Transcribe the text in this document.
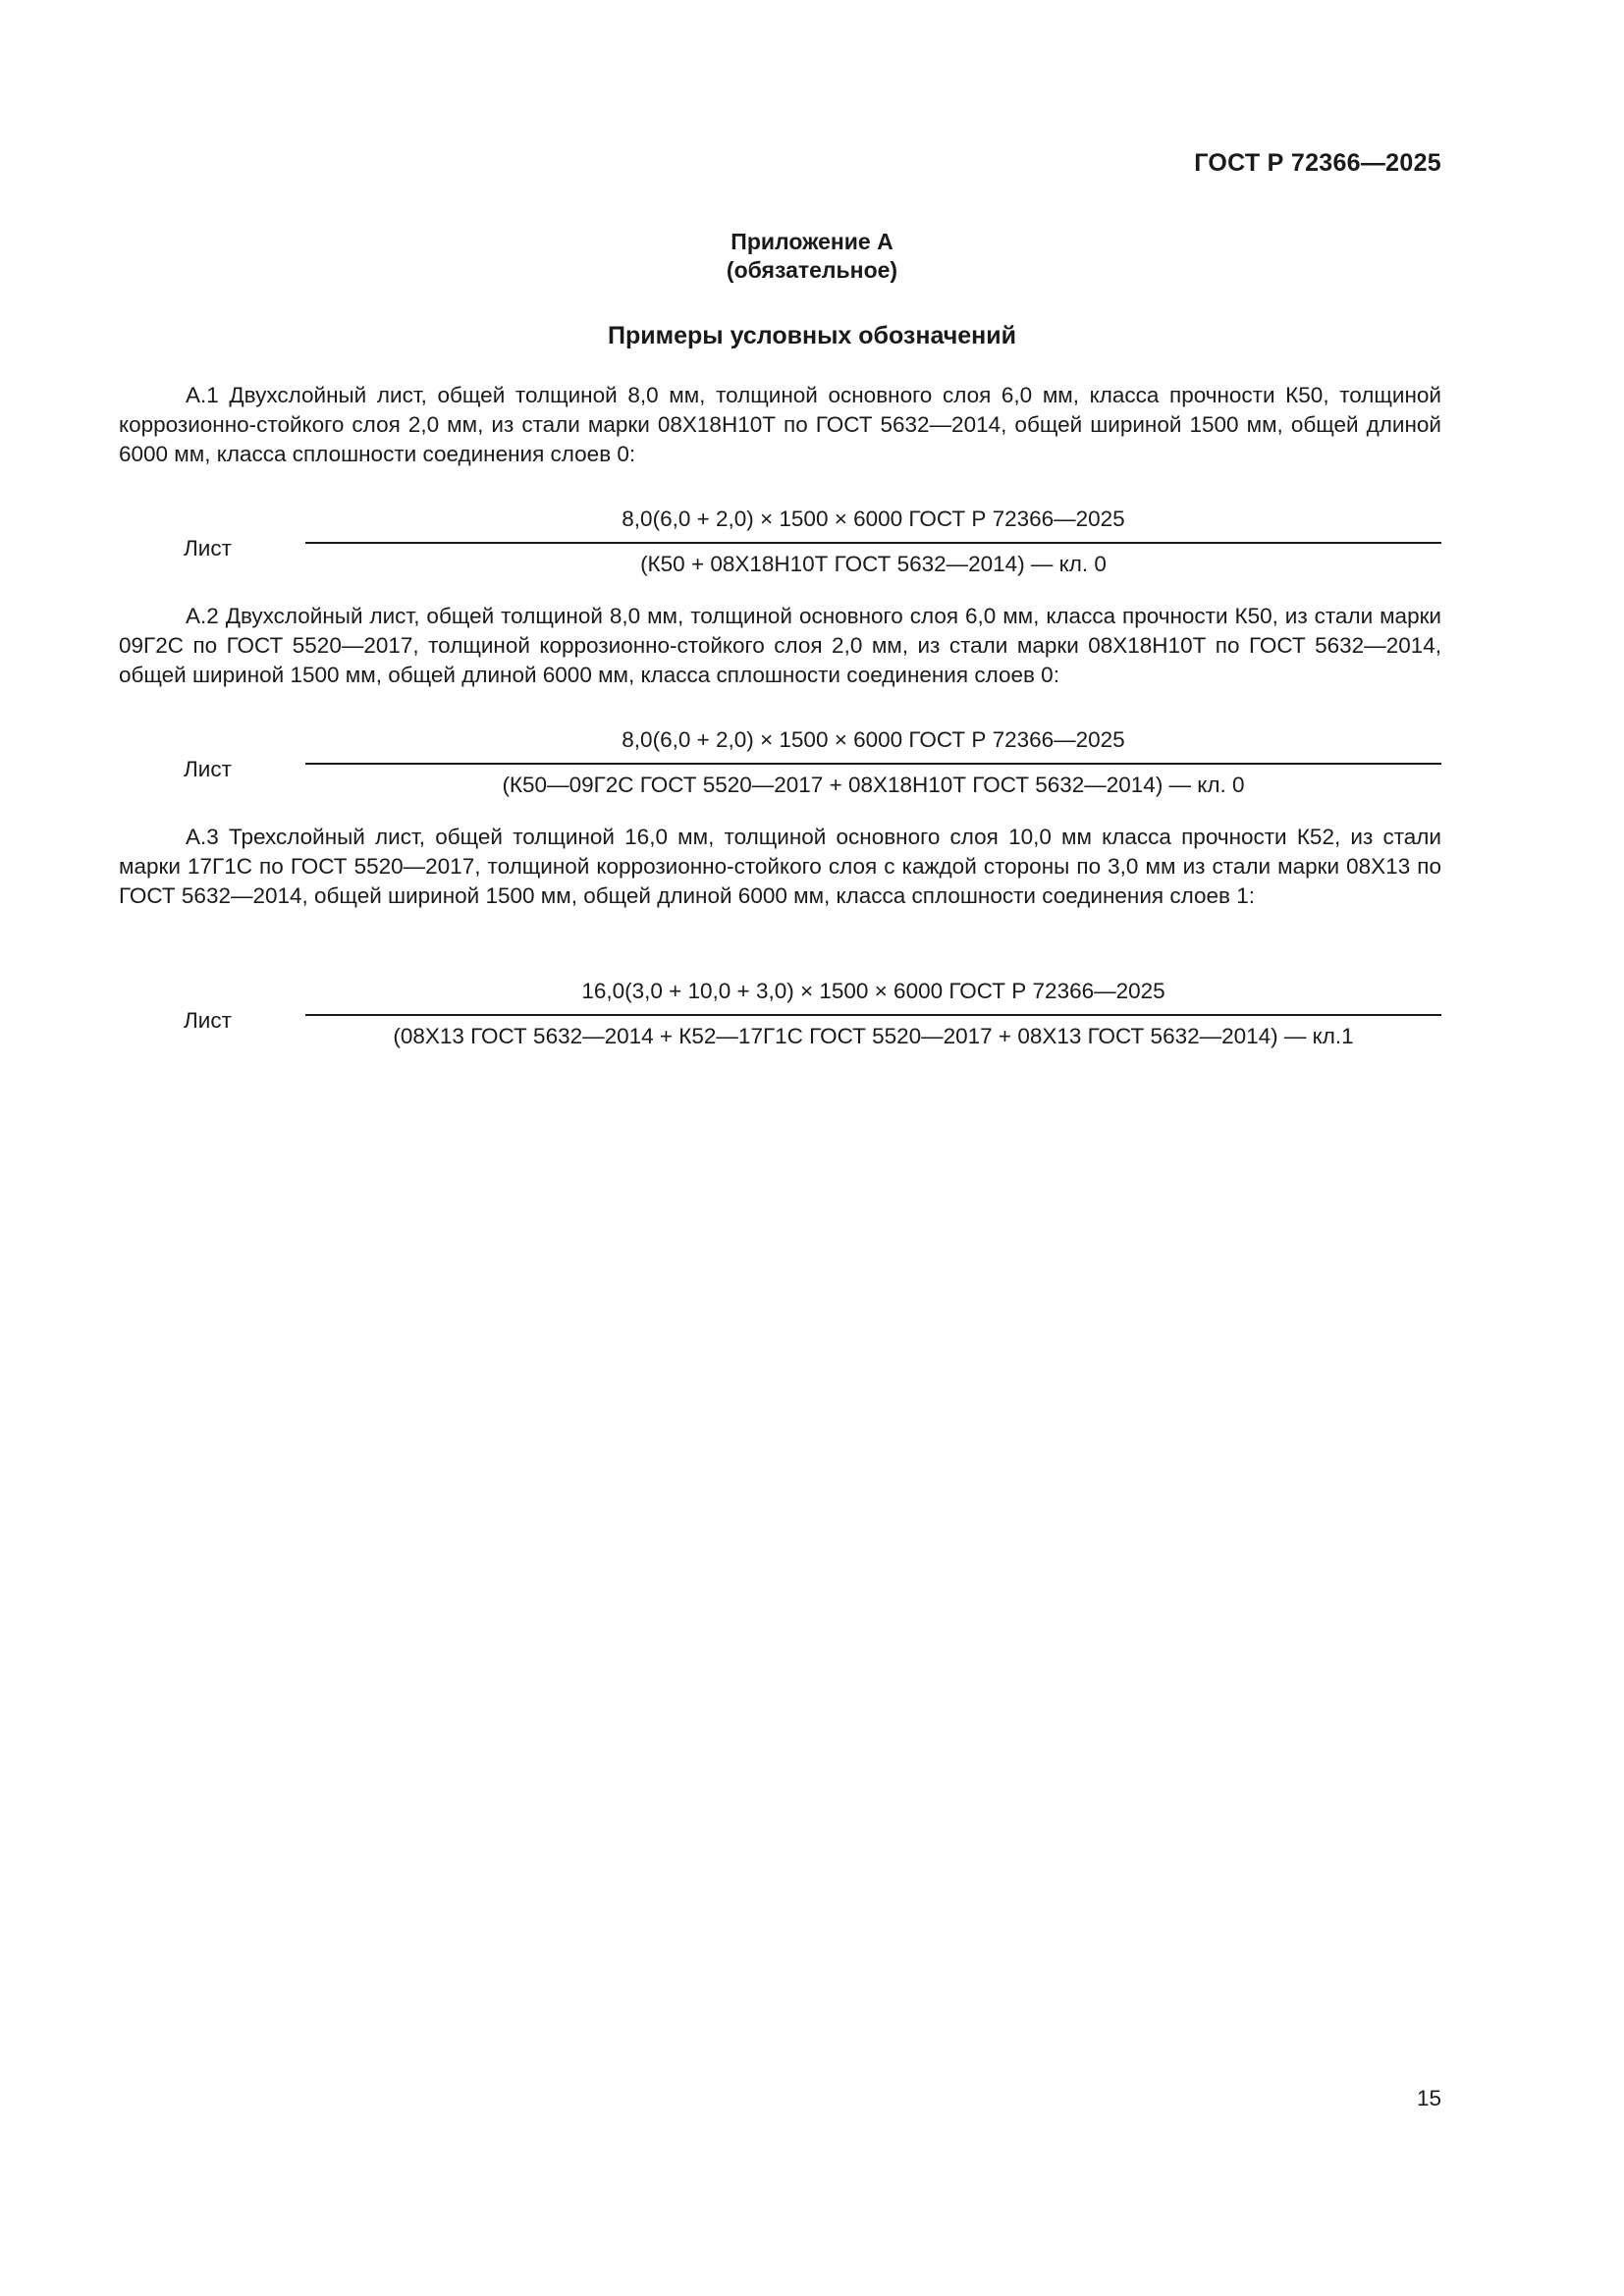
ГОСТ Р 72366—2025
Приложение А
(обязательное)
Примеры условных обозначений

А.1 Двухслойный лист, общей толщиной 8,0 мм, толщиной основного слоя 6,0 мм, класса прочности К50, толщиной коррозионно-стойкого слоя 2,0 мм, из стали марки 08Х18Н10Т по ГОСТ 5632—2014, общей шириной 1500 мм, общей длиной 6000 мм, класса сплошности соединения слоев 0:

Лист
8,0(6,0 + 2,0) × 1500 × 6000 ГОСТ Р 72366—2025
(К50 + 08Х18Н10Т ГОСТ 5632—2014) — кл. 0

А.2 Двухслойный лист, общей толщиной 8,0 мм, толщиной основного слоя 6,0 мм, класса прочности К50, из стали марки 09Г2С по ГОСТ 5520—2017, толщиной коррозионно-стойкого слоя 2,0 мм, из стали марки 08Х18Н10Т по ГОСТ 5632—2014, общей шириной 1500 мм, общей длиной 6000 мм, класса сплошности соединения слоев 0:

Лист
8,0(6,0 + 2,0) × 1500 × 6000 ГОСТ Р 72366—2025
(К50—09Г2С ГОСТ 5520—2017 + 08Х18Н10Т ГОСТ 5632—2014) — кл. 0

А.3 Трехслойный лист, общей толщиной 16,0 мм, толщиной основного слоя 10,0 мм класса прочности К52, из стали марки 17Г1С по ГОСТ 5520—2017, толщиной коррозионно-стойкого слоя с каждой стороны по 3,0 мм из стали марки 08Х13 по ГОСТ 5632—2014, общей шириной 1500 мм, общей длиной 6000 мм, класса сплошности соединения слоев 1:

Лист
16,0(3,0 + 10,0 + 3,0) × 1500 × 6000 ГОСТ Р 72366—2025
(08Х13 ГОСТ 5632—2014 + К52—17Г1С ГОСТ 5520—2017 + 08Х13 ГОСТ 5632—2014) — кл.1
15
